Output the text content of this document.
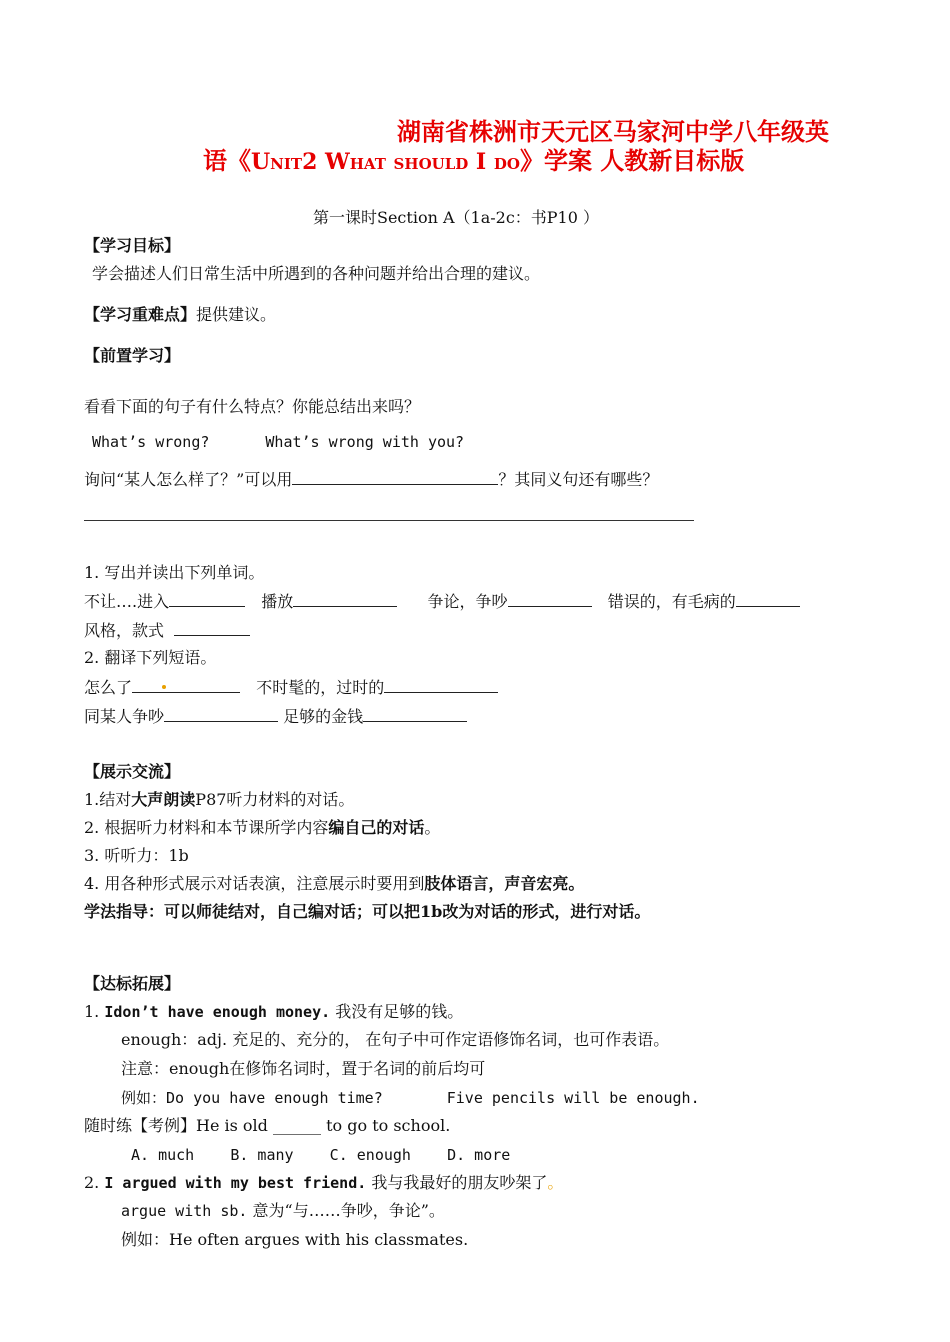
湖南省株洲市天元区马家河中学八年级英
语《Unit2 What should I do》学案 人教新目标版
第一课时Section A（1a-2c：书P10 ）
【学习目标】
学会描述人们日常生活中所遇到的各种问题并给出合理的建议。
【学习重难点】提供建议。
【前置学习】
看看下面的句子有什么特点？你能总结出来吗？
What’s wrong?	What’s wrong with you?
询问“某人怎么样了？”可以用	？其同义句还有哪些？
1. 写出并读出下列单词。
不让….进入	播放	争论，争吵	错误的，有毛病的
风格，款式
2. 翻译下列短语。
怎么了	不时髦的，过时的
同某人争吵	足够的金钱
【展示交流】
1.结对大声朗读P87听力材料的对话。
2. 根据听力材料和本节课所学内容编自己的对话。
3. 听听力：1b
4. 用各种形式展示对话表演，注意展示时要用到肢体语言，声音宏亮。
学法指导：可以师徒结对，自己编对话；可以把1b改为对话的形式，进行对话。
【达标拓展】
1. Idon’t have enough money. 我没有足够的钱。
enough：adj. 充足的、充分的， 在句子中可作定语修饰名词，也可作表语。
注意：enough在修饰名词时，置于名词的前后均可
例如：Do you have enough time?	Five pencils will be enough.
随时练【考例】He is old ______ to go to school.
A. much    B. many    C. enough    D. more
2. I argued with my best friend. 我与我最好的朋友吵架了。
argue with sb. 意为“与……争吵，争论”。
例如：He often argues with his classmates.
